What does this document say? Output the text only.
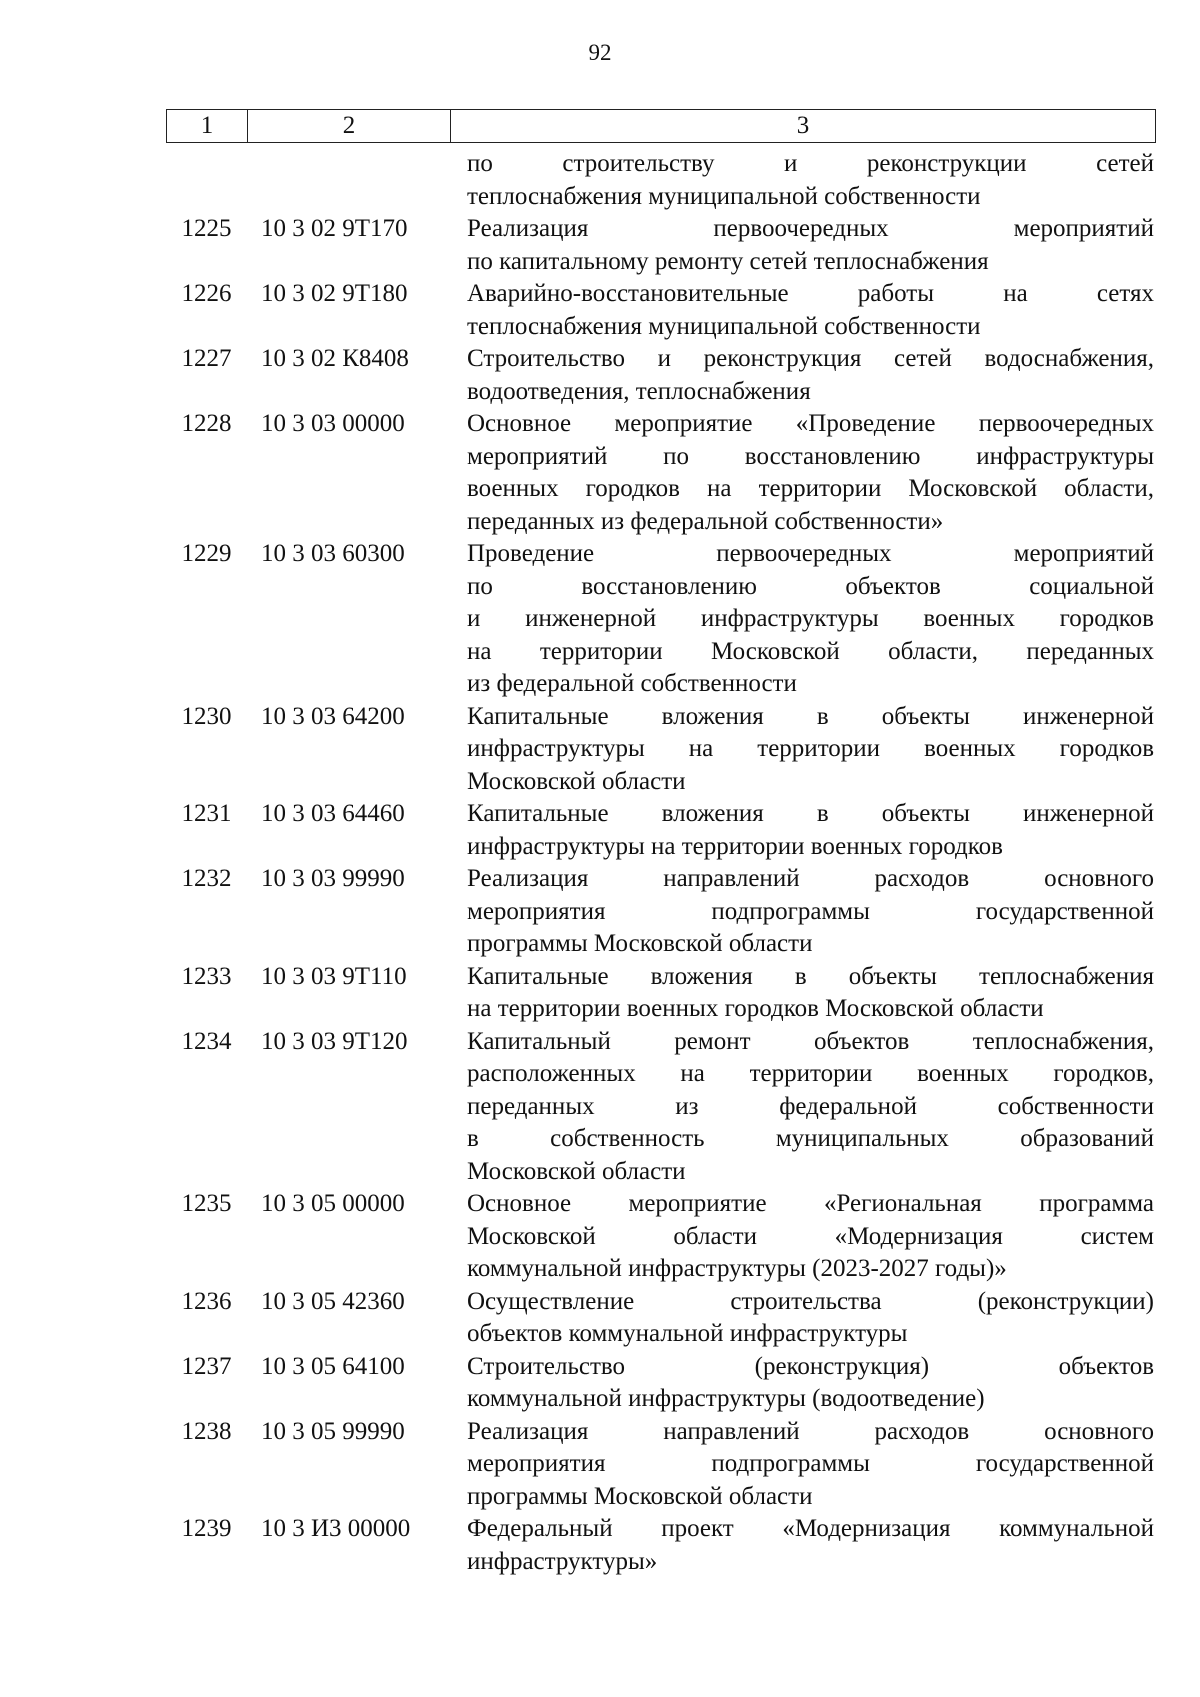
92
1	2	3
по строительству и реконструкции сетей
теплоснабжения муниципальной собственности
1225	10 3 02 9Т170	Реализация первоочередных мероприятий
по капитальному ремонту сетей теплоснабжения
1226	10 3 02 9Т180	Аварийно-восстановительные работы на сетях
теплоснабжения муниципальной собственности
1227	10 3 02 К8408	Строительство и реконструкция сетей водоснабжения,
водоотведения, теплоснабжения
1228	10 3 03 00000	Основное мероприятие «Проведение первоочередных
мероприятий по восстановлению инфраструктуры
военных городков на территории Московской области,
переданных из федеральной собственности»
1229	10 3 03 60300	Проведение первоочередных мероприятий
по восстановлению объектов социальной
и инженерной инфраструктуры военных городков
на территории Московской области, переданных
из федеральной собственности
1230	10 3 03 64200	Капитальные вложения в объекты инженерной
инфраструктуры на территории военных городков
Московской области
1231	10 3 03 64460	Капитальные вложения в объекты инженерной
инфраструктуры на территории военных городков
1232	10 3 03 99990	Реализация направлений расходов основного
мероприятия подпрограммы государственной
программы Московской области
1233	10 3 03 9Т110	Капитальные вложения в объекты теплоснабжения
на территории военных городков Московской области
1234	10 3 03 9Т120	Капитальный ремонт объектов теплоснабжения,
расположенных на территории военных городков,
переданных из федеральной собственности
в собственность муниципальных образований
Московской области
1235	10 3 05 00000	Основное мероприятие «Региональная программа
Московской области «Модернизация систем
коммунальной инфраструктуры (2023-2027 годы)»
1236	10 3 05 42360	Осуществление строительства (реконструкции)
объектов коммунальной инфраструктуры
1237	10 3 05 64100	Строительство (реконструкция) объектов
коммунальной инфраструктуры (водоотведение)
1238	10 3 05 99990	Реализация направлений расходов основного
мероприятия подпрограммы государственной
программы Московской области
1239	10 3 И3 00000	Федеральный проект «Модернизация коммунальной
инфраструктуры»
